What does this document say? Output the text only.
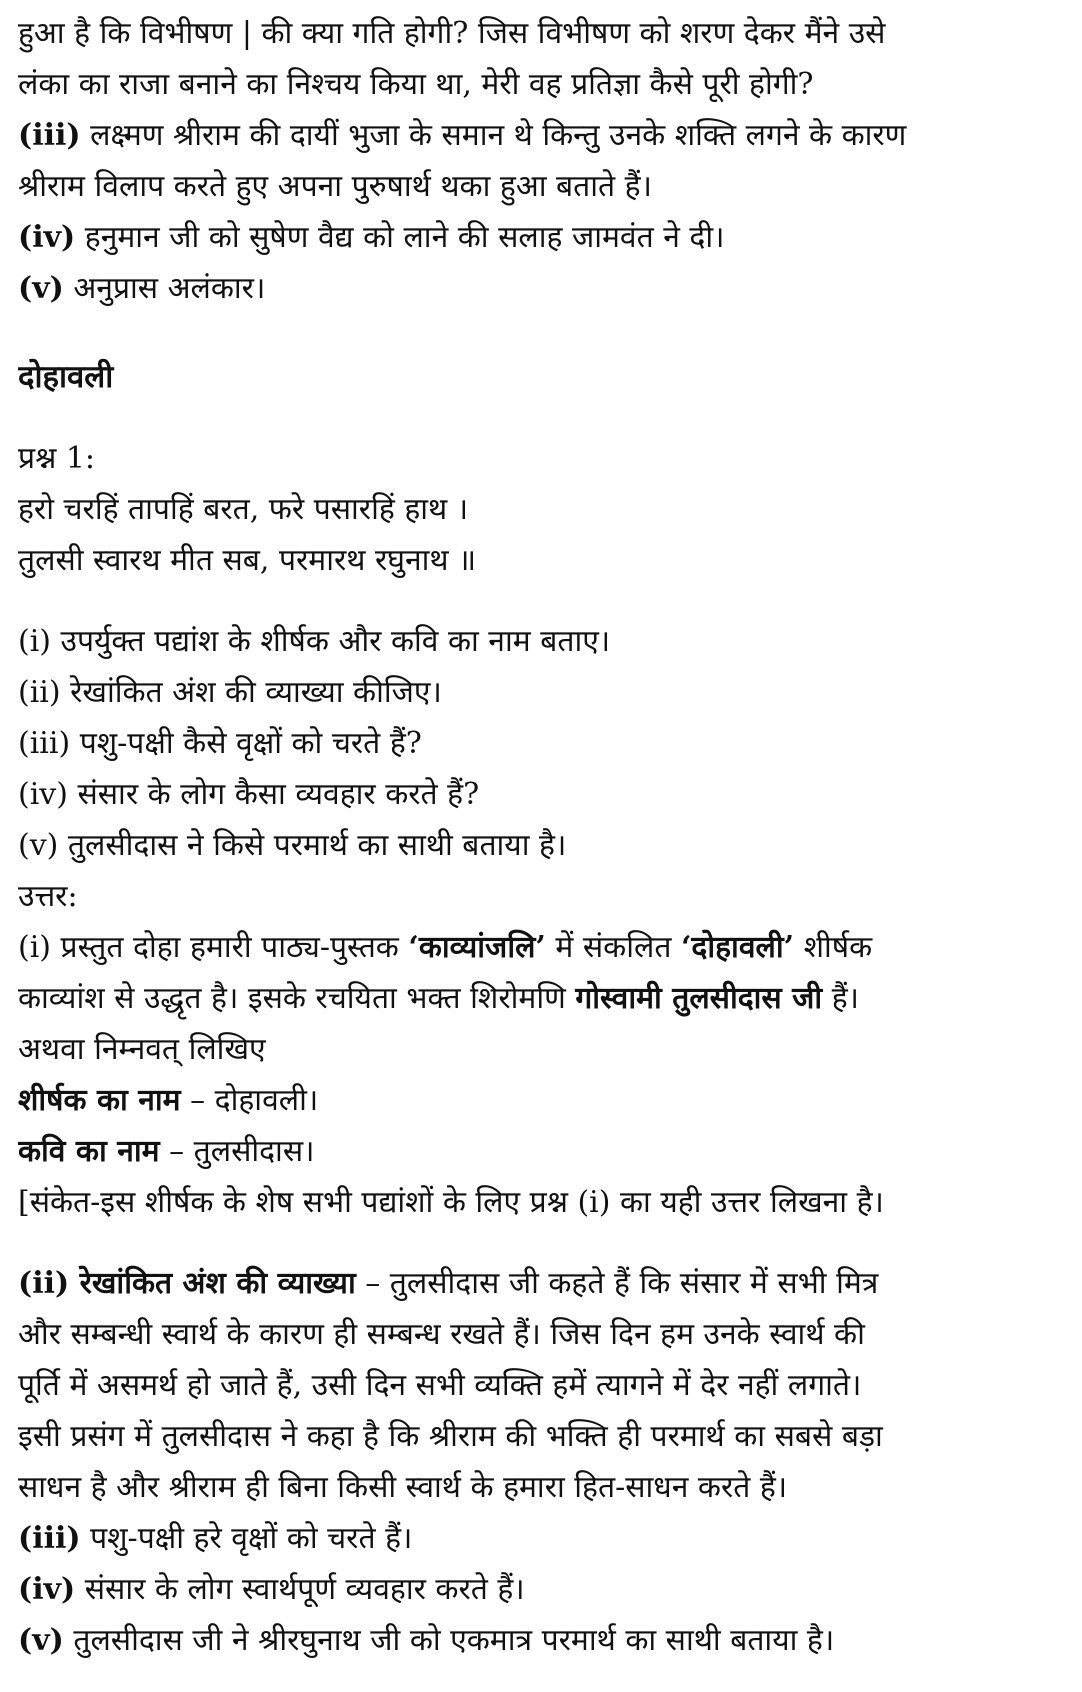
हुआ है कि विभीषण | की क्या गति होगी? जिस विभीषण को शरण देकर मैंने उसे
लंका का राजा बनाने का निश्चय किया था, मेरी वह प्रतिज्ञा कैसे पूरी होगी?
(iii) लक्ष्मण श्रीराम की दायीं भुजा के समान थे किन्तु उनके शक्ति लगने के कारण
श्रीराम विलाप करते हुए अपना पुरुषार्थ थका हुआ बताते हैं।
(iv) हनुमान जी को सुषेण वैद्य को लाने की सलाह जामवंत ने दी।
(v) अनुप्रास अलंकार।
दोहावली
प्रश्न 1:
हरो चरहिं तापहिं बरत, फरे पसारहिं हाथ ।
तुलसी स्वारथ मीत सब, परमारथ रघुनाथ ॥
(i) उपर्युक्त पद्यांश के शीर्षक और कवि का नाम बताए।
(ii) रेखांकित अंश की व्याख्या कीजिए।
(iii) पशु-पक्षी कैसे वृक्षों को चरते हैं?
(iv) संसार के लोग कैसा व्यवहार करते हैं?
(v) तुलसीदास ने किसे परमार्थ का साथी बताया है।
उत्तर:
(i) प्रस्तुत दोहा हमारी पाठ्य-पुस्तक ‘काव्यांजलि’ में संकलित ‘दोहावली’ शीर्षक
काव्यांश से उद्धृत है। इसके रचयिता भक्त शिरोमणि गोस्वामी तुलसीदास जी हैं।
अथवा निम्नवत् लिखिए
शीर्षक का नाम – दोहावली।
कवि का नाम – तुलसीदास।
[संकेत-इस शीर्षक के शेष सभी पद्यांशों के लिए प्रश्न (i) का यही उत्तर लिखना है।
(ii) रेखांकित अंश की व्याख्या – तुलसीदास जी कहते हैं कि संसार में सभी मित्र
और सम्बन्धी स्वार्थ के कारण ही सम्बन्ध रखते हैं। जिस दिन हम उनके स्वार्थ की
पूर्ति में असमर्थ हो जाते हैं, उसी दिन सभी व्यक्ति हमें त्यागने में देर नहीं लगाते।
इसी प्रसंग में तुलसीदास ने कहा है कि श्रीराम की भक्ति ही परमार्थ का सबसे बड़ा
साधन है और श्रीराम ही बिना किसी स्वार्थ के हमारा हित-साधन करते हैं।
(iii) पशु-पक्षी हरे वृक्षों को चरते हैं।
(iv) संसार के लोग स्वार्थपूर्ण व्यवहार करते हैं।
(v) तुलसीदास जी ने श्रीरघुनाथ जी को एकमात्र परमार्थ का साथी बताया है।
